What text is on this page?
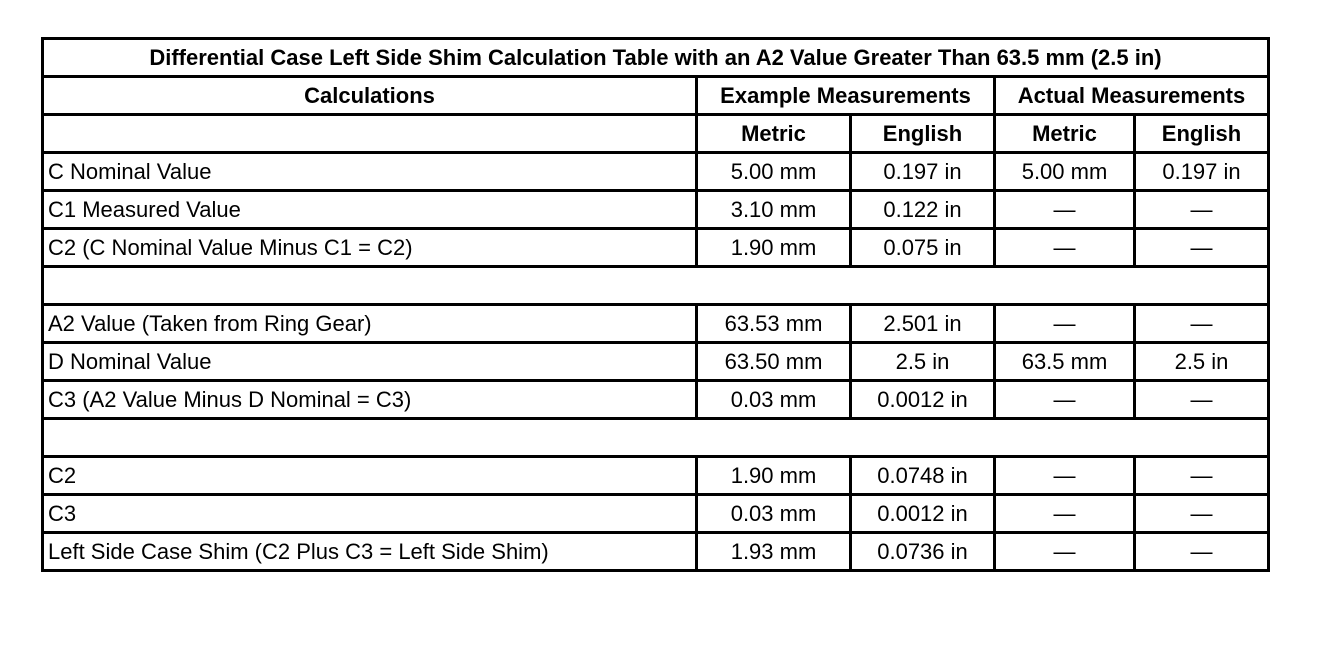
Differential Case Left Side Shim Calculation Table with an A2 Value Greater Than 63.5 mm (2.5 in)				
Calculations	Example Measurements		Actual Measurements	
	Metric	English	Metric	English
C Nominal Value	5.00 mm	0.197 in	5.00 mm	0.197 in
C1 Measured Value	3.10 mm	0.122 in	—	—
C2 (C Nominal Value Minus C1 = C2)	1.90 mm	0.075 in	—	—

A2 Value (Taken from Ring Gear)	63.53 mm	2.501 in	—	—
D Nominal Value	63.50 mm	2.5 in	63.5 mm	2.5 in
C3 (A2 Value Minus D Nominal = C3)	0.03 mm	0.0012 in	—	—

C2	1.90 mm	0.0748 in	—	—
C3	0.03 mm	0.0012 in	—	—
Left Side Case Shim (C2 Plus C3 = Left Side Shim)	1.93 mm	0.0736 in	—	—
